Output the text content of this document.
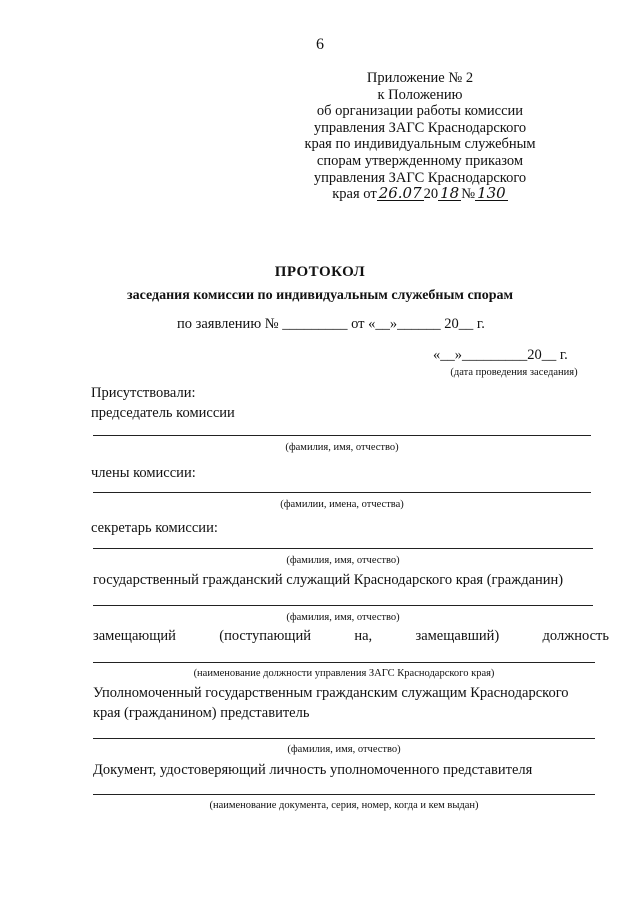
6
Приложение № 2
к Положению
об организации работы комиссии
управления ЗАГС Краснодарского
края по индивидуальным служебным
спорам утвержденному приказом
управления ЗАГС Краснодарского
края от 26.07 20 18 № 130
ПРОТОКОЛ
заседания комиссии по индивидуальным служебным спорам
по заявлению № _________ от «__»______ 20__ г.
«__»_________20__ г.
(дата проведения заседания)
Присутствовали:
председатель комиссии
(фамилия, имя, отчество)
члены комиссии:
(фамилии, имена, отчества)
секретарь комиссии:
(фамилия, имя, отчество)
государственный гражданский служащий Краснодарского края (гражданин)
(фамилия, имя, отчество)
замещающий	(поступающий	на,	замещавший)	должность
(наименование должности управления ЗАГС Краснодарского края)
Уполномоченный государственным гражданским служащим Краснодарского
края (гражданином) представитель
(фамилия, имя, отчество)
Документ, удостоверяющий личность уполномоченного представителя
(наименование документа, серия, номер, когда и кем выдан)
